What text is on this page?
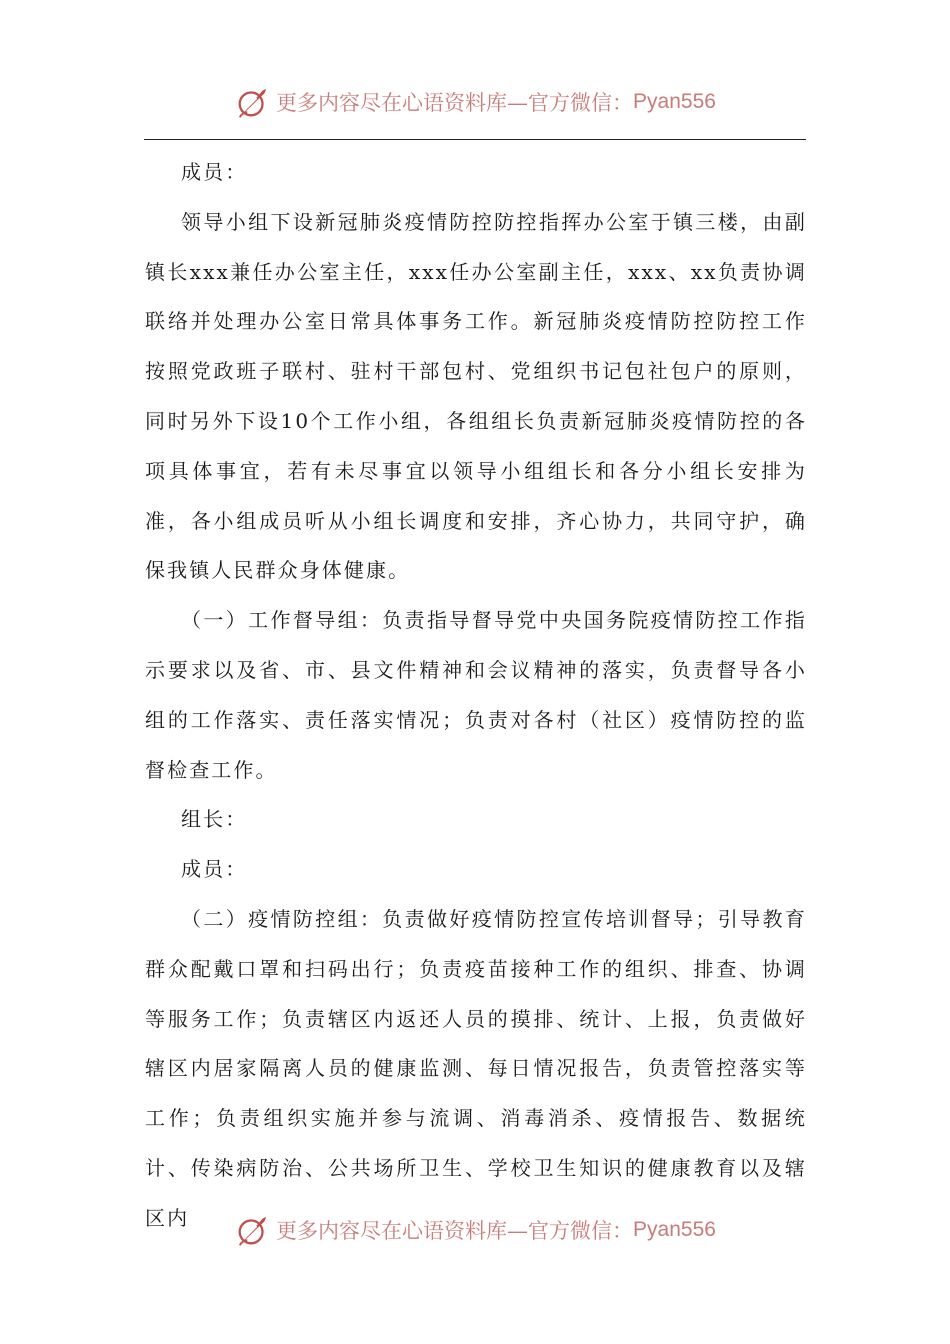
更多内容尽在心语资料库—官方微信： Pyan556

成员：

领导小组下设新冠肺炎疫情防控防控指挥办公室于镇三楼，由副镇长xxx兼任办公室主任，xxx任办公室副主任，xxx、xx负责协调联络并处理办公室日常具体事务工作。新冠肺炎疫情防控防控工作按照党政班子联村、驻村干部包村、党组织书记包社包户的原则，同时另外下设10个工作小组，各组组长负责新冠肺炎疫情防控的各项具体事宜，若有未尽事宜以领导小组组长和各分小组长安排为准，各小组成员听从小组长调度和安排，齐心协力，共同守护，确保我镇人民群众身体健康。

（一）工作督导组：负责指导督导党中央国务院疫情防控工作指示要求以及省、市、县文件精神和会议精神的落实，负责督导各小组的工作落实、责任落实情况；负责对各村（社区）疫情防控的监督检查工作。

组长：

成员：

（二）疫情防控组：负责做好疫情防控宣传培训督导；引导教育群众配戴口罩和扫码出行；负责疫苗接种工作的组织、排查、协调等服务工作；负责辖区内返还人员的摸排、统计、上报，负责做好辖区内居家隔离人员的健康监测、每日情况报告，负责管控落实等工作；负责组织实施并参与流调、消毒消杀、疫情报告、数据统计、传染病防治、公共场所卫生、学校卫生知识的健康教育以及辖区内

更多内容尽在心语资料库—官方微信： Pyan556
